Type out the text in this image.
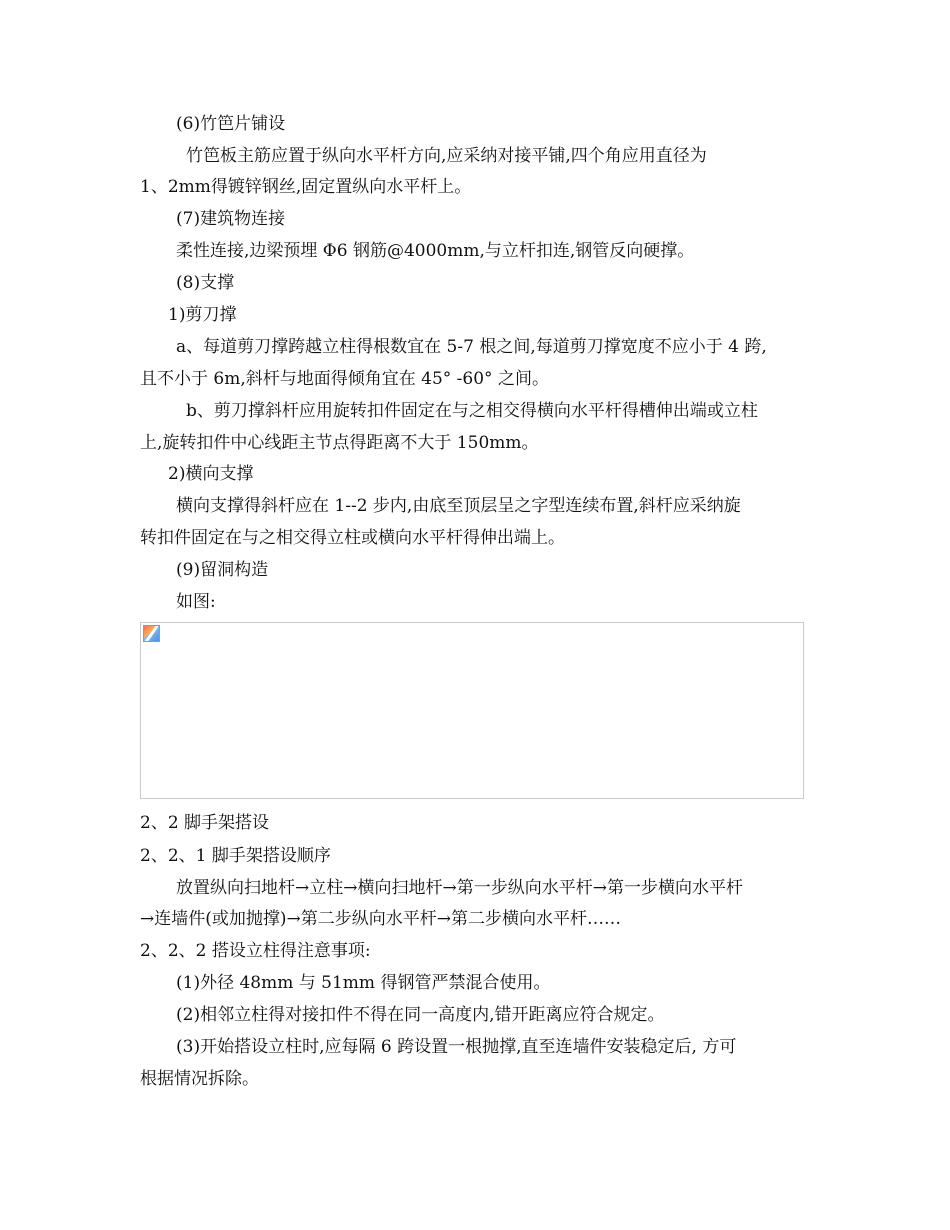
(6)竹笆片铺设
竹笆板主筋应置于纵向水平杆方向,应采纳对接平铺,四个角应用直径为
1、2mm得镀锌钢丝,固定置纵向水平杆上。
(7)建筑物连接
柔性连接,边梁预埋 Φ6 钢筋@4000mm,与立杆扣连,钢管反向硬撑。
(8)支撑
1)剪刀撑
a、每道剪刀撑跨越立柱得根数宜在 5-7 根之间,每道剪刀撑宽度不应小于 4 跨,
且不小于 6m,斜杆与地面得倾角宜在 45° -60° 之间。
b、剪刀撑斜杆应用旋转扣件固定在与之相交得横向水平杆得槽伸出端或立柱
上,旋转扣件中心线距主节点得距离不大于 150mm。
2)横向支撑
横向支撑得斜杆应在 1--2 步内,由底至顶层呈之字型连续布置,斜杆应采纳旋
转扣件固定在与之相交得立柱或横向水平杆得伸出端上。
(9)留洞构造
如图:
2、2 脚手架搭设
2、2、1 脚手架搭设顺序
放置纵向扫地杆→立柱→横向扫地杆→第一步纵向水平杆→第一步横向水平杆
→连墙件(或加抛撑)→第二步纵向水平杆→第二步横向水平杆……
2、2、2 搭设立柱得注意事项:
(1)外径 48mm 与 51mm 得钢管严禁混合使用。
(2)相邻立柱得对接扣件不得在同一高度内,错开距离应符合规定。
(3)开始搭设立柱时,应每隔 6 跨设置一根抛撑,直至连墙件安装稳定后, 方可
根据情况拆除。
